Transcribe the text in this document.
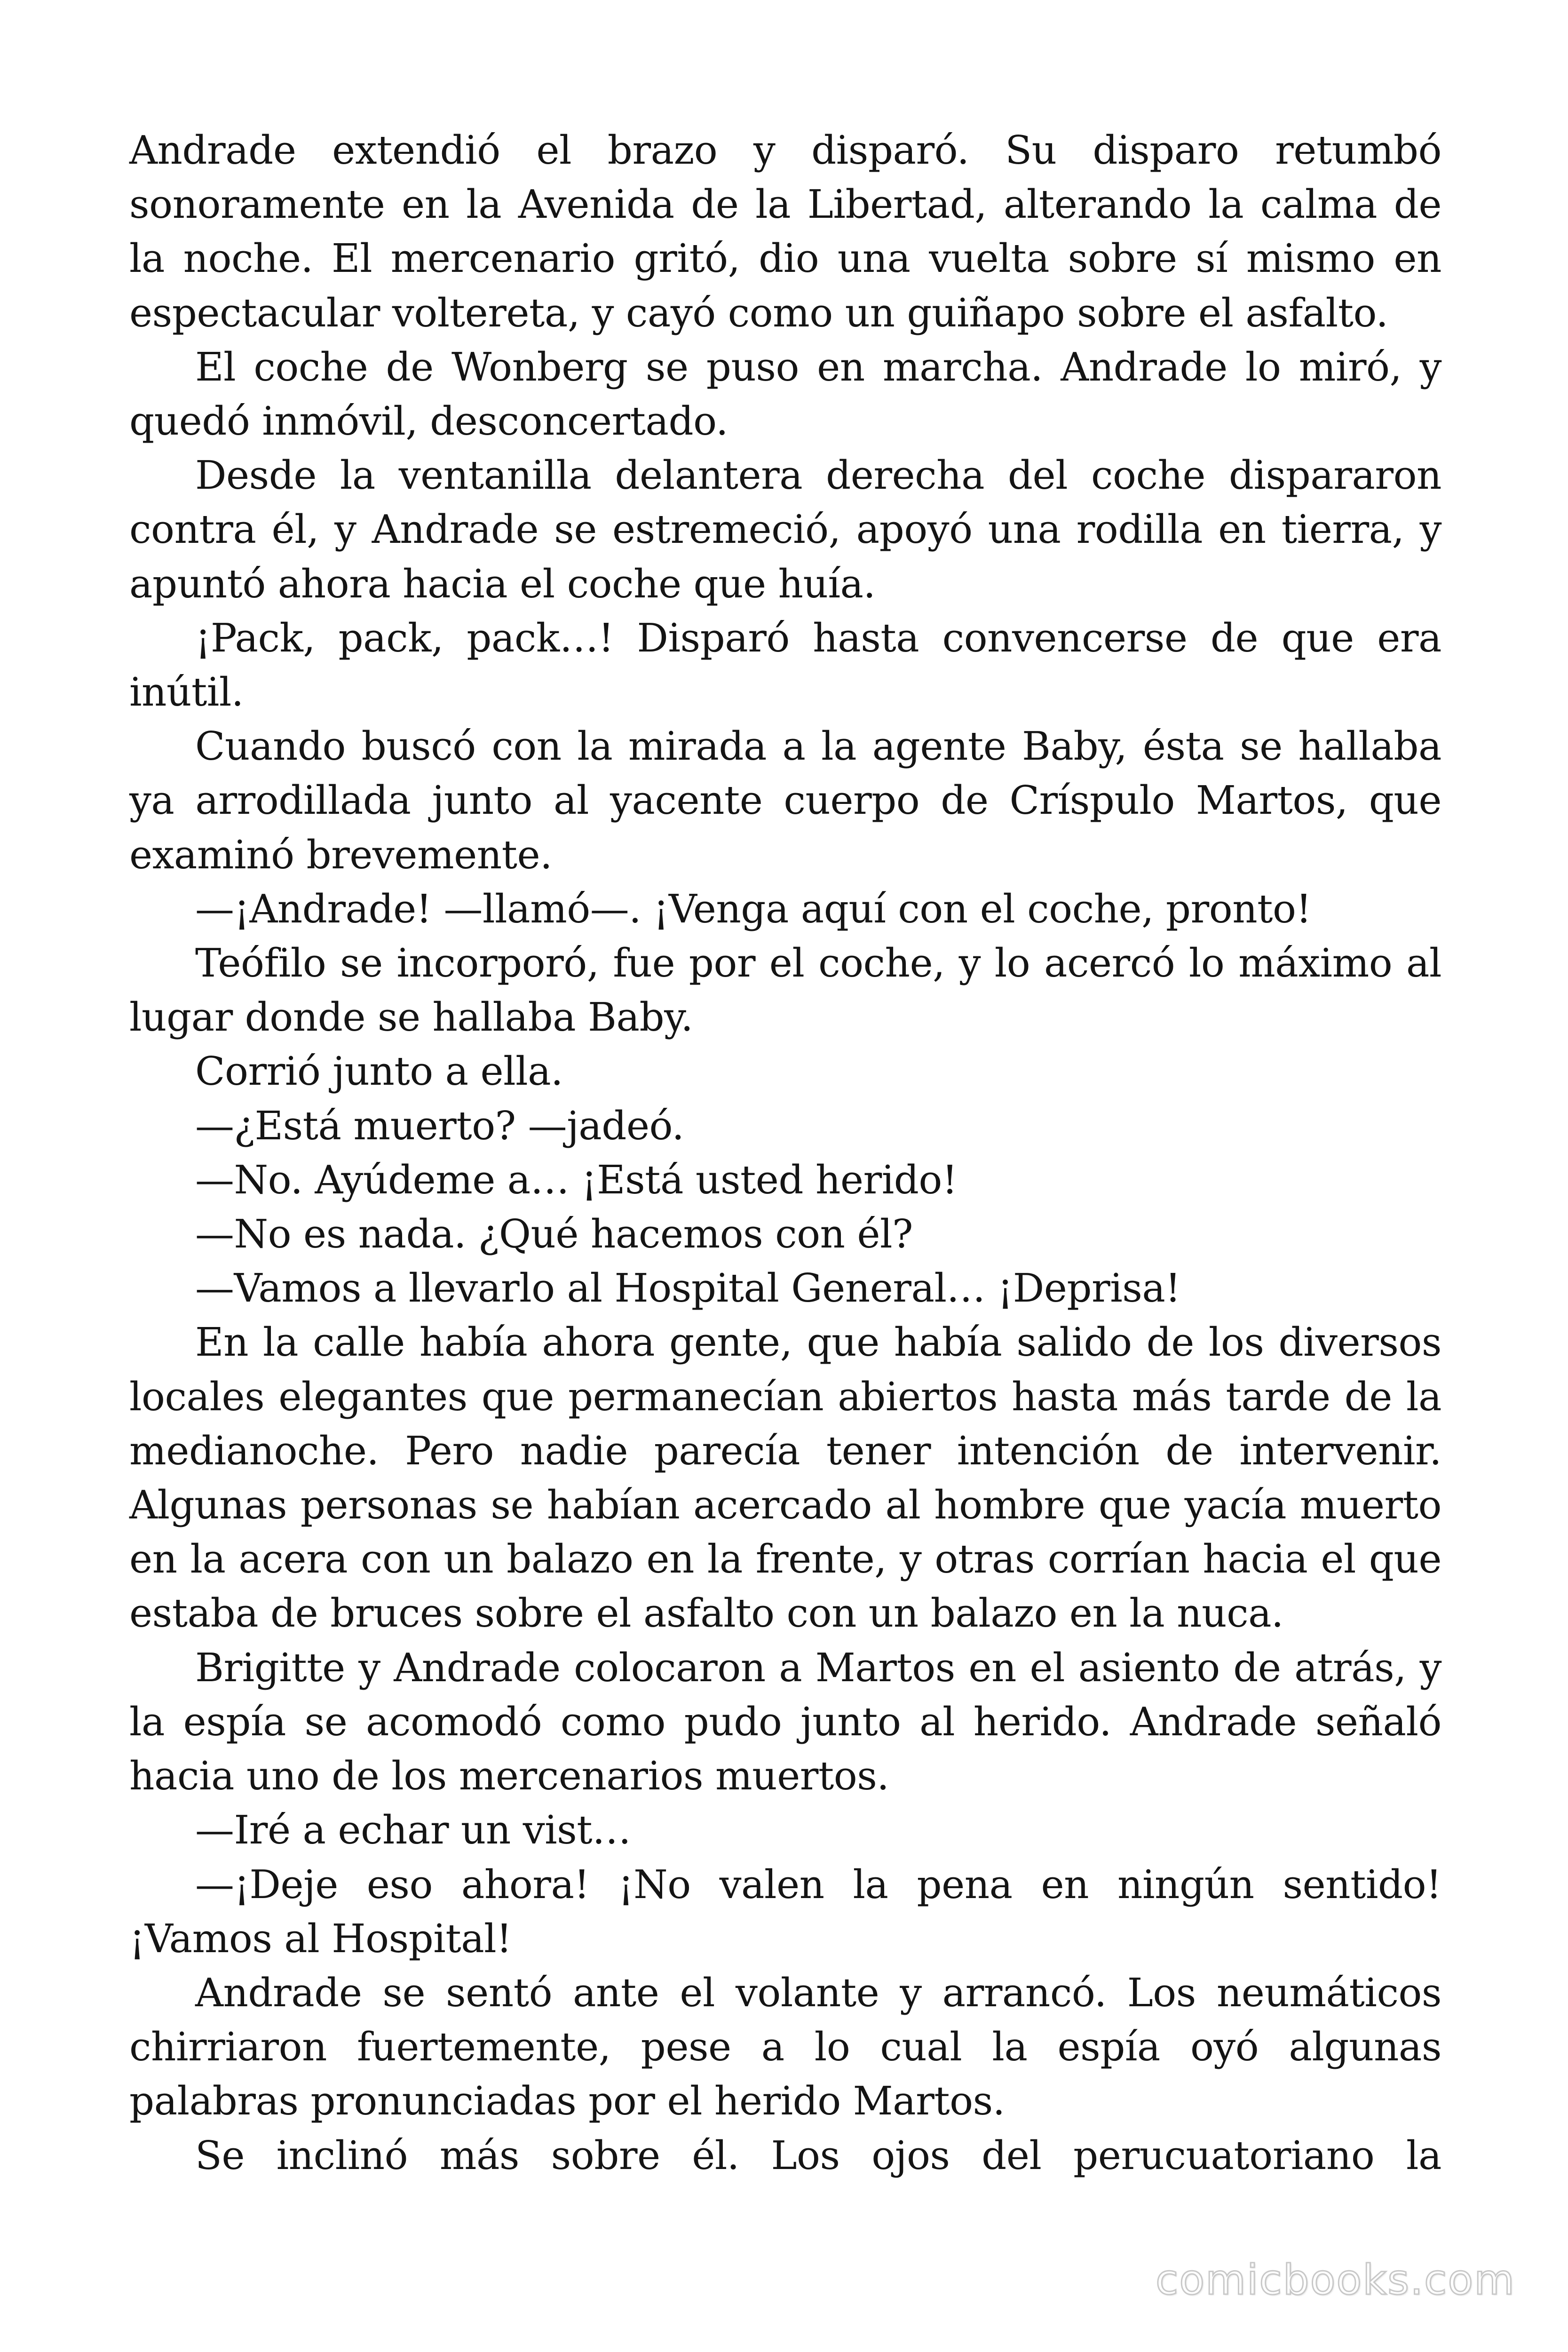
Andrade extendió el brazo y disparó. Su disparo retumbó sonoramente en la Avenida de la Libertad, alterando la calma de la noche. El mercenario gritó, dio una vuelta sobre sí mismo en espectacular voltereta, y cayó como un guiñapo sobre el asfalto.

El coche de Wonberg se puso en marcha. Andrade lo miró, y quedó inmóvil, desconcertado.

Desde la ventanilla delantera derecha del coche dispararon contra él, y Andrade se estremeció, apoyó una rodilla en tierra, y apuntó ahora hacia el coche que huía.

¡Pack, pack, pack…! Disparó hasta convencerse de que era inútil.

Cuando buscó con la mirada a la agente Baby, ésta se hallaba ya arrodillada junto al yacente cuerpo de Críspulo Martos, que examinó brevemente.

—¡Andrade! —llamó—. ¡Venga aquí con el coche, pronto!

Teófilo se incorporó, fue por el coche, y lo acercó lo máximo al lugar donde se hallaba Baby.

Corrió junto a ella.

—¿Está muerto? —jadeó.

—No. Ayúdeme a… ¡Está usted herido!

—No es nada. ¿Qué hacemos con él?

—Vamos a llevarlo al Hospital General… ¡Deprisa!

En la calle había ahora gente, que había salido de los diversos locales elegantes que permanecían abiertos hasta más tarde de la medianoche. Pero nadie parecía tener intención de intervenir. Algunas personas se habían acercado al hombre que yacía muerto en la acera con un balazo en la frente, y otras corrían hacia el que estaba de bruces sobre el asfalto con un balazo en la nuca.

Brigitte y Andrade colocaron a Martos en el asiento de atrás, y la espía se acomodó como pudo junto al herido. Andrade señaló hacia uno de los mercenarios muertos.

—Iré a echar un vist…

—¡Deje eso ahora! ¡No valen la pena en ningún sentido! ¡Vamos al Hospital!

Andrade se sentó ante el volante y arrancó. Los neumáticos chirriaron fuertemente, pese a lo cual la espía oyó algunas palabras pronunciadas por el herido Martos.

Se inclinó más sobre él. Los ojos del perucuatoriano la

comicbooks.com
